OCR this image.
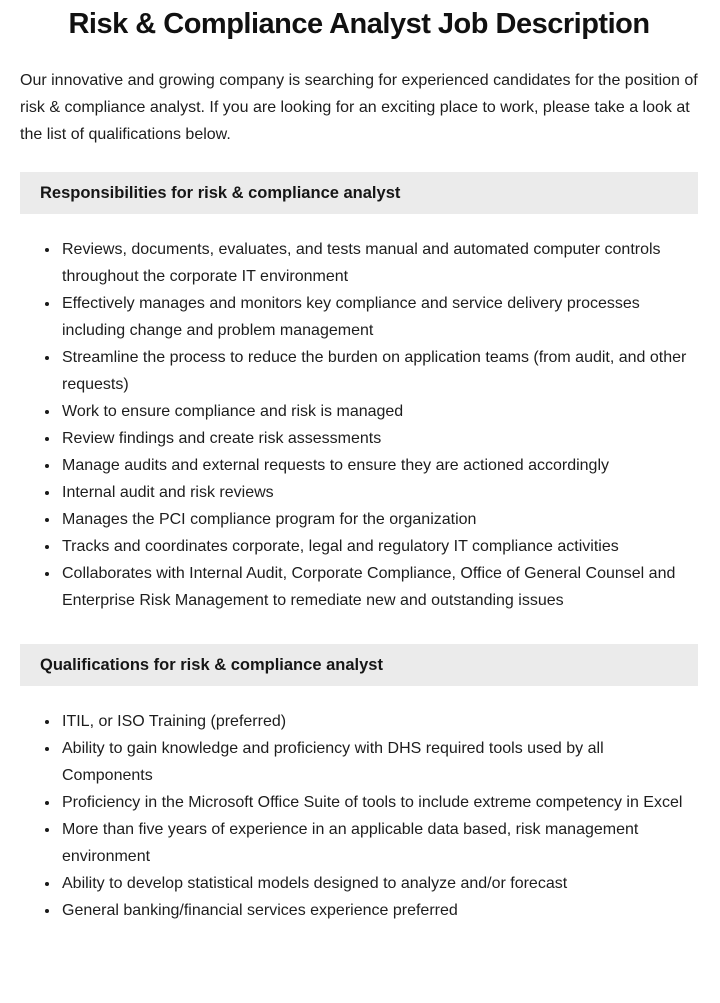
Risk & Compliance Analyst Job Description

Our innovative and growing company is searching for experienced candidates for the position of risk & compliance analyst. If you are looking for an exciting place to work, please take a look at the list of qualifications below.

Responsibilities for risk & compliance analyst
• Reviews, documents, evaluates, and tests manual and automated computer controls throughout the corporate IT environment
• Effectively manages and monitors key compliance and service delivery processes including change and problem management
• Streamline the process to reduce the burden on application teams (from audit, and other requests)
• Work to ensure compliance and risk is managed
• Review findings and create risk assessments
• Manage audits and external requests to ensure they are actioned accordingly
• Internal audit and risk reviews
• Manages the PCI compliance program for the organization
• Tracks and coordinates corporate, legal and regulatory IT compliance activities
• Collaborates with Internal Audit, Corporate Compliance, Office of General Counsel and Enterprise Risk Management to remediate new and outstanding issues
Qualifications for risk & compliance analyst
• ITIL, or ISO Training (preferred)
• Ability to gain knowledge and proficiency with DHS required tools used by all Components
• Proficiency in the Microsoft Office Suite of tools to include extreme competency in Excel
• More than five years of experience in an applicable data based, risk management environment
• Ability to develop statistical models designed to analyze and/or forecast
• General banking/financial services experience preferred
